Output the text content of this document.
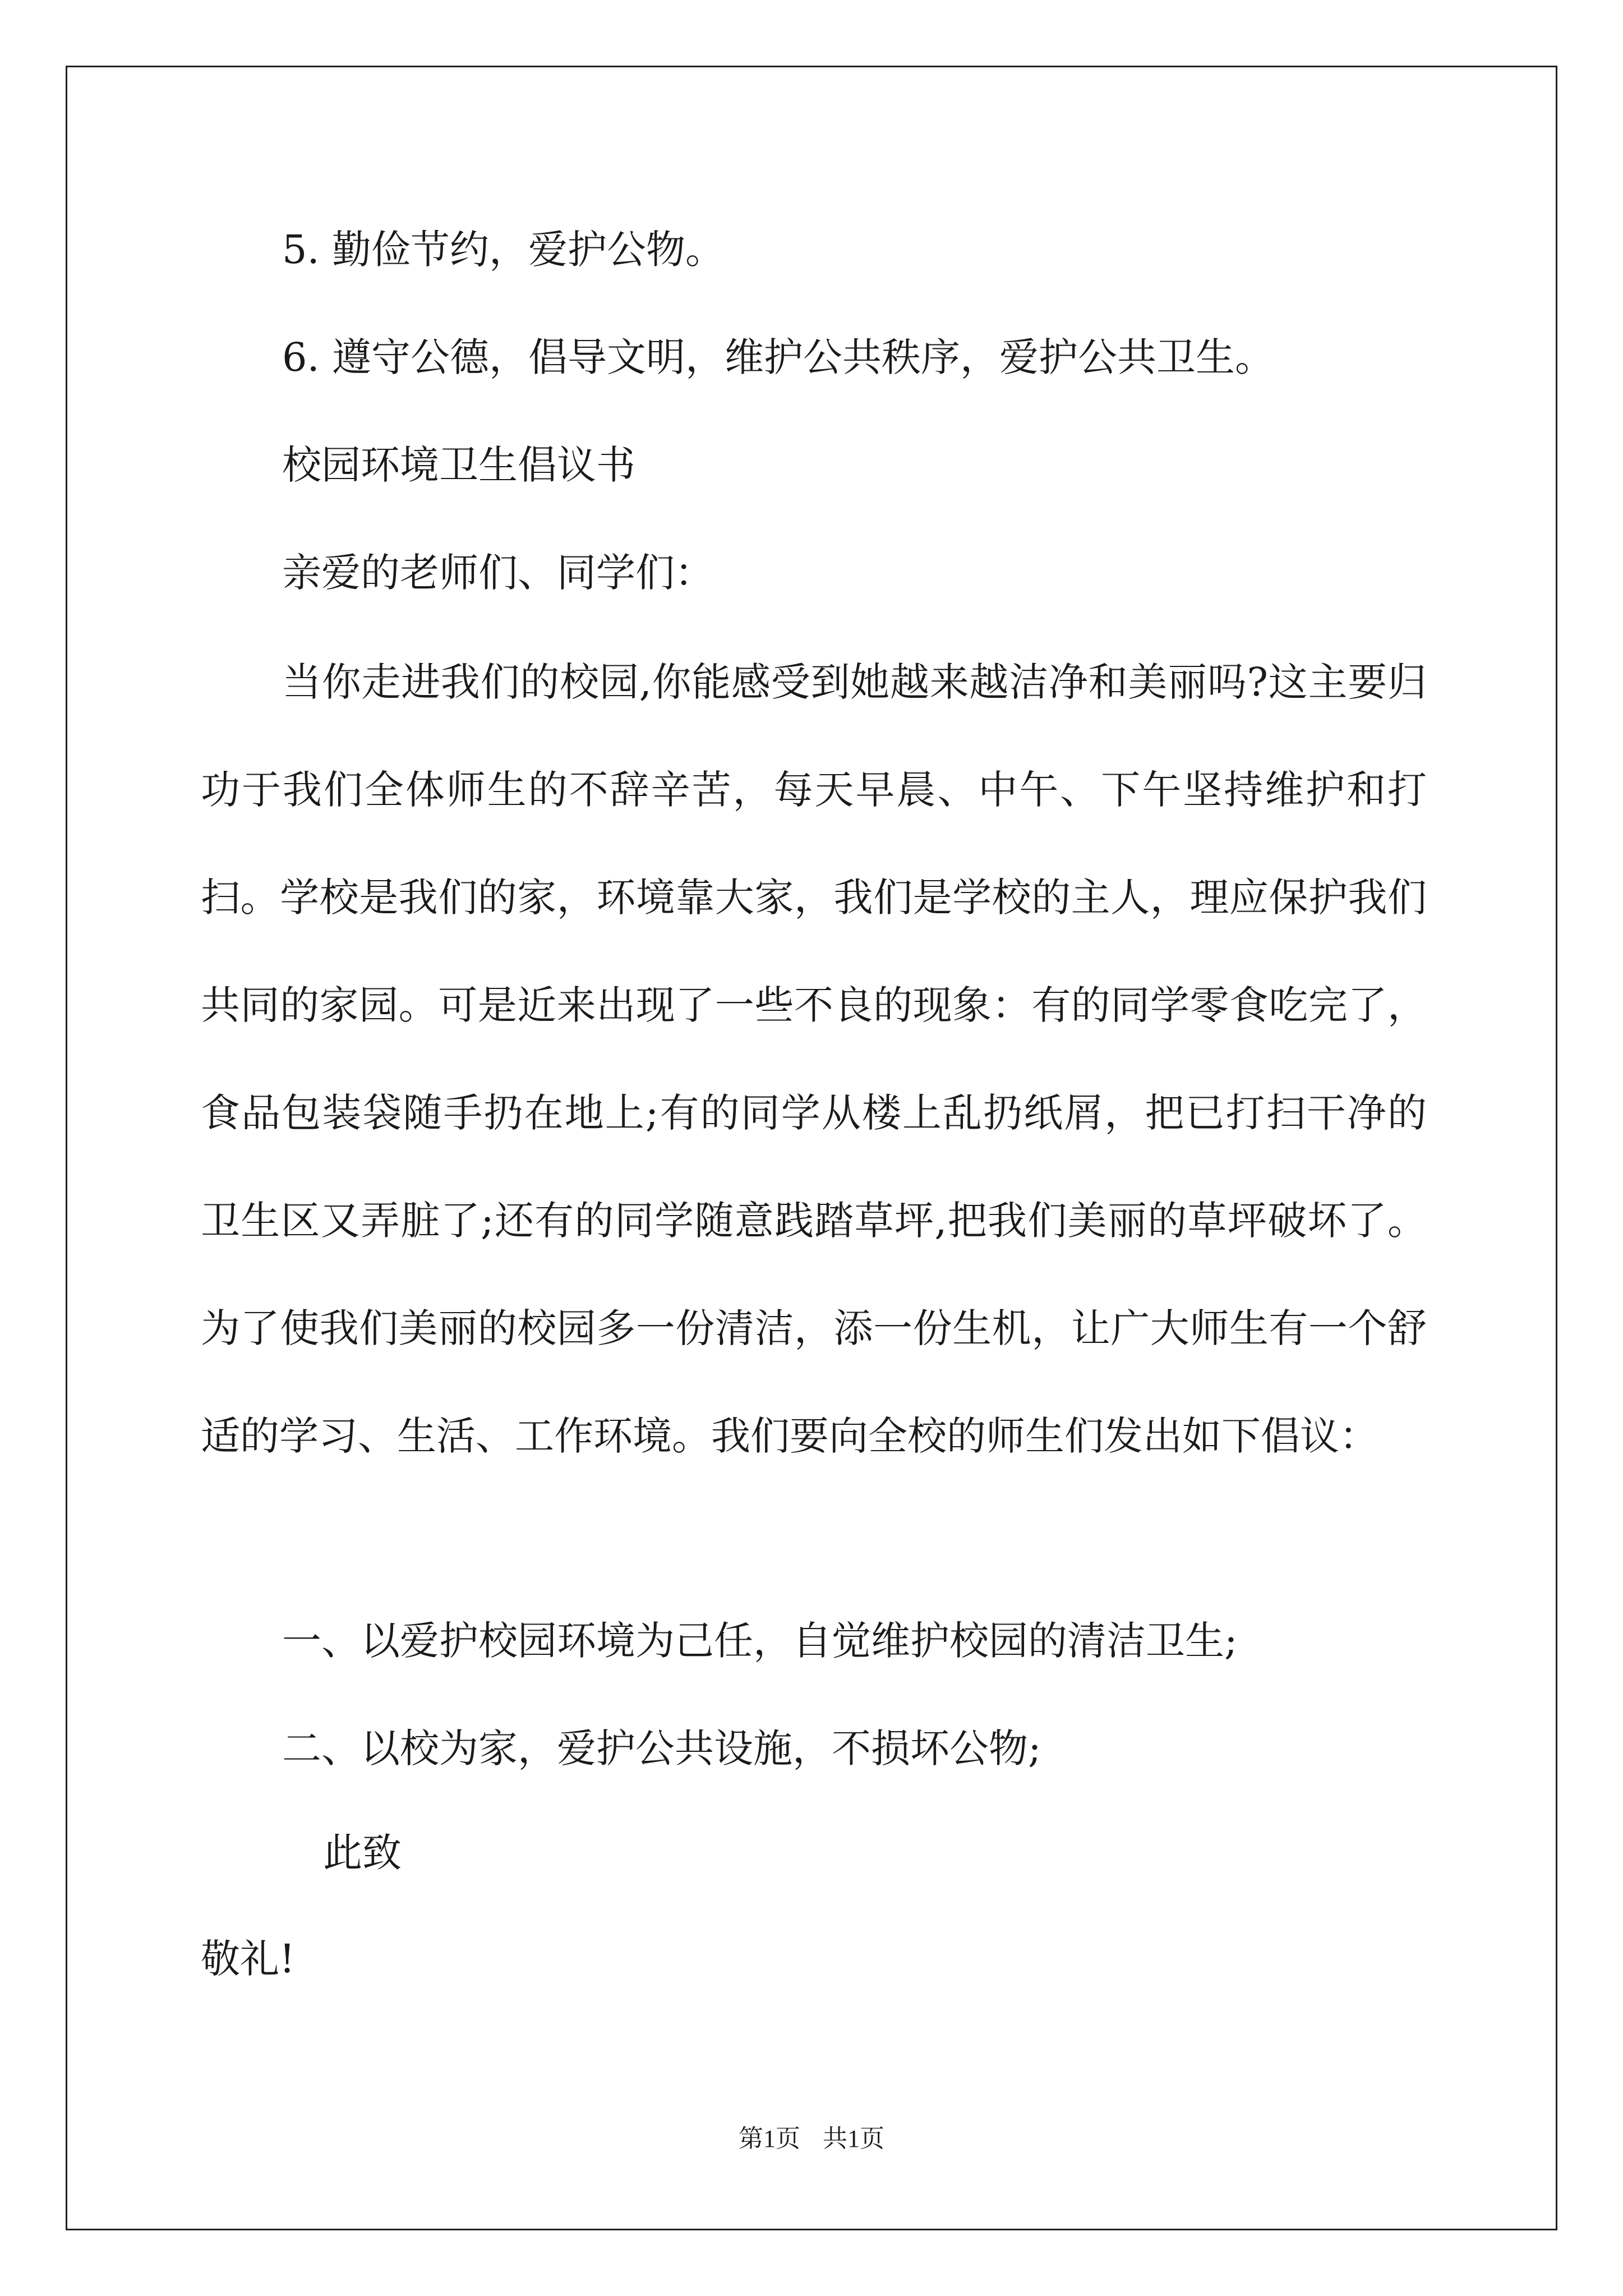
5. 勤俭节约，爱护公物。
6. 遵守公德，倡导文明，维护公共秩序，爱护公共卫生。
校园环境卫生倡议书
亲爱的老师们、同学们：
当你走进我们的校园,你能感受到她越来越洁净和美丽吗?这主要归功于我们全体师生的不辞辛苦，每天早晨、中午、下午坚持维护和打扫。学校是我们的家，环境靠大家，我们是学校的主人，理应保护我们共同的家园。可是近来出现了一些不良的现象：有的同学零食吃完了，食品包装袋随手扔在地上;有的同学从楼上乱扔纸屑，把已打扫干净的卫生区又弄脏了;还有的同学随意践踏草坪,把我们美丽的草坪破坏了。为了使我们美丽的校园多一份清洁，添一份生机，让广大师生有一个舒适的学习、生活、工作环境。我们要向全校的师生们发出如下倡议：
一、以爱护校园环境为己任，自觉维护校园的清洁卫生;
二、以校为家，爱护公共设施，不损坏公物;
此致
敬礼!
第1页 共1页
